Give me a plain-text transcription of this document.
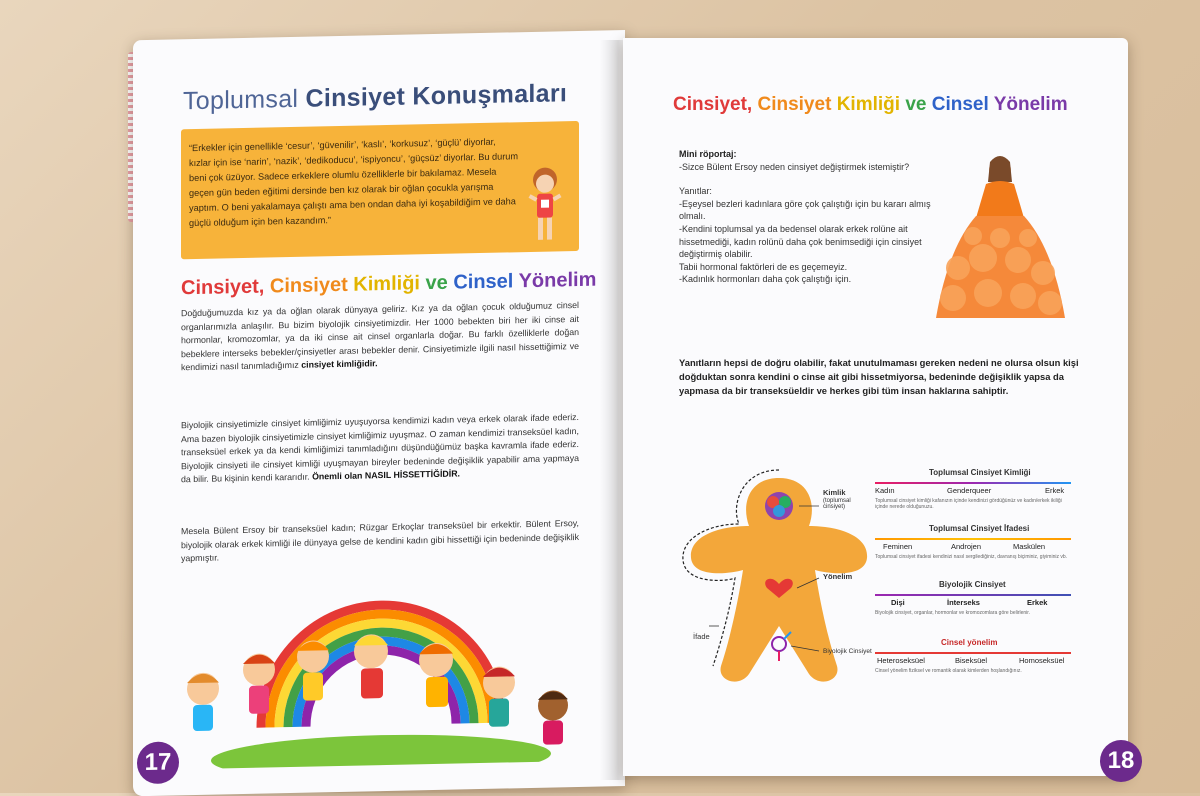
Toplumsal Cinsiyet Konuşmaları
“Erkekler için genellikle ‘cesur’, ‘güvenilir’, ‘kaslı’, ‘korkusuz’, ‘güçlü’ diyorlar, kızlar için ise ‘narin’, ‘nazik’, ‘dedikoducu’, ‘ispiyoncu’, ‘güçsüz’ diyorlar. Bu durum beni çok üzüyor. Sadece erkeklere olumlu özelliklerle bir bakılamaz. Mesela geçen gün beden eğitimi dersinde ben kız olarak bir oğlan çocukla yarışma yaptım. O beni yakalamaya çalıştı ama ben ondan daha iyi koşabildiğim ve daha güçlü olduğum için ben kazandım.”
Cinsiyet, Cinsiyet Kimliği ve Cinsel Yönelim
Doğduğumuzda kız ya da oğlan olarak dünyaya geliriz. Kız ya da oğlan çocuk olduğumuz cinsel organlarımızla anlaşılır. Bu bizim biyolojik cinsiyetimizdir. Her 1000 bebekten biri her iki cinse ait hormonlar, kromozomlar, ya da iki cinse ait cinsel organlarla doğar. Bu farklı özelliklerle doğan bebeklere interseks bebekler/çinsiyetler arası bebekler denir. Cinsiyetimizle ilgili nasıl hissettiğimiz ve kendimizi nasıl tanımladığımız cinsiyet kimliğidir.
Biyolojik cinsiyetimizle cinsiyet kimliğimiz uyuşuyorsa kendimizi kadın veya erkek olarak ifade ederiz. Ama bazen biyolojik cinsiyetimizle cinsiyet kimliğimiz uyuşmaz. O zaman kendimizi transeksüel kadın, transeksüel erkek ya da kendi kimliğimizi tanımladığını düşündüğümüz başka kavramla ifade ederiz. Biyolojik cinsiyeti ile cinsiyet kimliği uyuşmayan bireyler bedeninde değişiklik yapabilir ama yapmaya da bilir. Bu kişinin kendi kararıdır. Önemli olan NASIL HİSSETTİĞİDİR.
Mesela Bülent Ersoy bir transeksüel kadın; Rüzgar Erkoçlar transeksüel bir erkektir. Bülent Ersoy, biyolojik olarak erkek kimliği ile dünyaya gelse de kendini kadın gibi hissettiği için bedeninde değişiklik yapmıştır.
17
Cinsiyet, Cinsiyet Kimliği ve Cinsel Yönelim
Mini röportaj:
-Sizce Bülent Ersoy neden cinsiyet değiştirmek istemiştir?
Yanıtlar:
-Eşeysel bezleri kadınlara göre çok çalıştığı için bu kararı almış olmalı.
-Kendini toplumsal ya da bedensel olarak erkek rolüne ait hissetmediği, kadın rolünü daha çok benimsediği için cinsiyet değiştirmiş olabilir.
Tabii hormonal faktörleri de es geçemeyiz.
-Kadınlık hormonları daha çok çalıştığı için.
Yanıtların hepsi de doğru olabilir, fakat unutulmaması gereken nedeni ne olursa olsun kişi doğduktan sonra kendini o cinse ait gibi hissetmiyorsa, bedeninde değişiklik yapsa da yapmasa da bir transeksüeldir ve herkes gibi tüm insan haklarına sahiptir.
Kimlik
(toplumsal cinsiyet)
Yönelim
İfade
Biyolojik Cinsiyet
Toplumsal Cinsiyet Kimliği
Kadın	Genderqueer	Erkek
Toplumsal cinsiyet kimliği kafanızın içinde kendinizi gördüğünüz ve kadın/erkek ikiliği içinde nerede olduğunuzu.
Toplumsal Cinsiyet İfadesi
Feminen	Androjen	Maskülen
Toplumsal cinsiyet ifadesi kendinizi nasıl sergilediğiniz, davranış biçiminiz, giyiminiz vb.
Biyolojik Cinsiyet
Dişi	İnterseks	Erkek
Biyolojik cinsiyet, organlar, hormonlar ve kromozomlara göre belirlenir.
Cinsel yönelim
Heteroseksüel	Biseksüel	Homoseksüel
Cinsel yönelim fiziksel ve romantik olarak kimlerden hoşlandığınız.
18
